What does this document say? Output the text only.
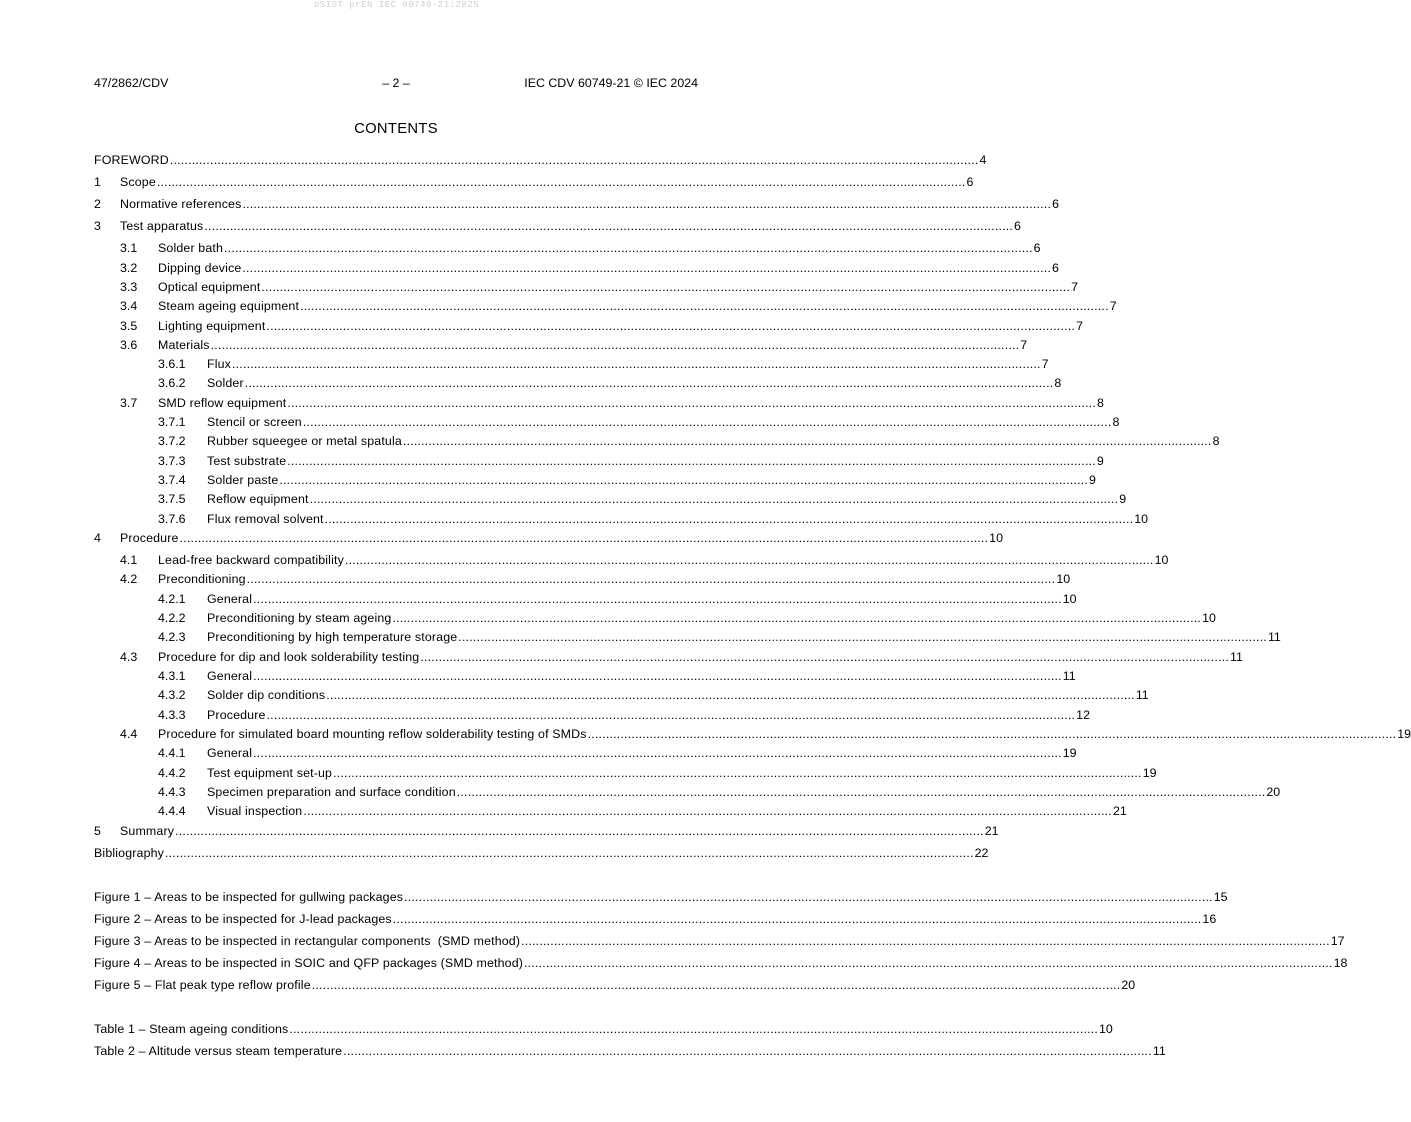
oSIST prEN IEC 60749-21:2025
47/2862/CDV	– 2 –	IEC CDV 60749-21 © IEC 2024
CONTENTS
FOREWORD .............................................................................................................................................................................................................................. 4
1	Scope .............................................................................................................................................................................................................................. 6
2	Normative references .............................................................................................................................................................................................................................. 6
3	Test apparatus .............................................................................................................................................................................................................................. 6
3.1	Solder bath .............................................................................................................................................................................................................................. 6
3.2	Dipping device .............................................................................................................................................................................................................................. 6
3.3	Optical equipment .............................................................................................................................................................................................................................. 7
3.4	Steam ageing equipment .............................................................................................................................................................................................................................. 7
3.5	Lighting equipment .............................................................................................................................................................................................................................. 7
3.6	Materials .............................................................................................................................................................................................................................. 7
3.6.1	Flux .............................................................................................................................................................................................................................. 7
3.6.2	Solder .............................................................................................................................................................................................................................. 8
3.7	SMD reflow equipment .............................................................................................................................................................................................................................. 8
3.7.1	Stencil or screen .............................................................................................................................................................................................................................. 8
3.7.2	Rubber squeegee or metal spatula .............................................................................................................................................................................................................................. 8
3.7.3	Test substrate .............................................................................................................................................................................................................................. 9
3.7.4	Solder paste .............................................................................................................................................................................................................................. 9
3.7.5	Reflow equipment .............................................................................................................................................................................................................................. 9
3.7.6	Flux removal solvent .............................................................................................................................................................................................................................. 10
4	Procedure .............................................................................................................................................................................................................................. 10
4.1	Lead-free backward compatibility .............................................................................................................................................................................................................................. 10
4.2	Preconditioning .............................................................................................................................................................................................................................. 10
4.2.1	General .............................................................................................................................................................................................................................. 10
4.2.2	Preconditioning by steam ageing .............................................................................................................................................................................................................................. 10
4.2.3	Preconditioning by high temperature storage .............................................................................................................................................................................................................................. 11
4.3	Procedure for dip and look solderability testing .............................................................................................................................................................................................................................. 11
4.3.1	General .............................................................................................................................................................................................................................. 11
4.3.2	Solder dip conditions .............................................................................................................................................................................................................................. 11
4.3.3	Procedure .............................................................................................................................................................................................................................. 12
4.4	Procedure for simulated board mounting reflow solderability testing of SMDs .............................................................................................................................................................................................................................. 19
4.4.1	General .............................................................................................................................................................................................................................. 19
4.4.2	Test equipment set-up .............................................................................................................................................................................................................................. 19
4.4.3	Specimen preparation and surface condition .............................................................................................................................................................................................................................. 20
4.4.4	Visual inspection .............................................................................................................................................................................................................................. 21
5	Summary .............................................................................................................................................................................................................................. 21
Bibliography .............................................................................................................................................................................................................................. 22
Figure 1 – Areas to be inspected for gullwing packages .............................................................................................................................................................................................................................. 15
Figure 2 – Areas to be inspected for J-lead packages .............................................................................................................................................................................................................................. 16
Figure 3 – Areas to be inspected in rectangular components  (SMD method) .............................................................................................................................................................................................................................. 17
Figure 4 – Areas to be inspected in SOIC and QFP packages (SMD method) .............................................................................................................................................................................................................................. 18
Figure 5 – Flat peak type reflow profile .............................................................................................................................................................................................................................. 20
Table 1 – Steam ageing conditions .............................................................................................................................................................................................................................. 10
Table 2 – Altitude versus steam temperature .............................................................................................................................................................................................................................. 11
